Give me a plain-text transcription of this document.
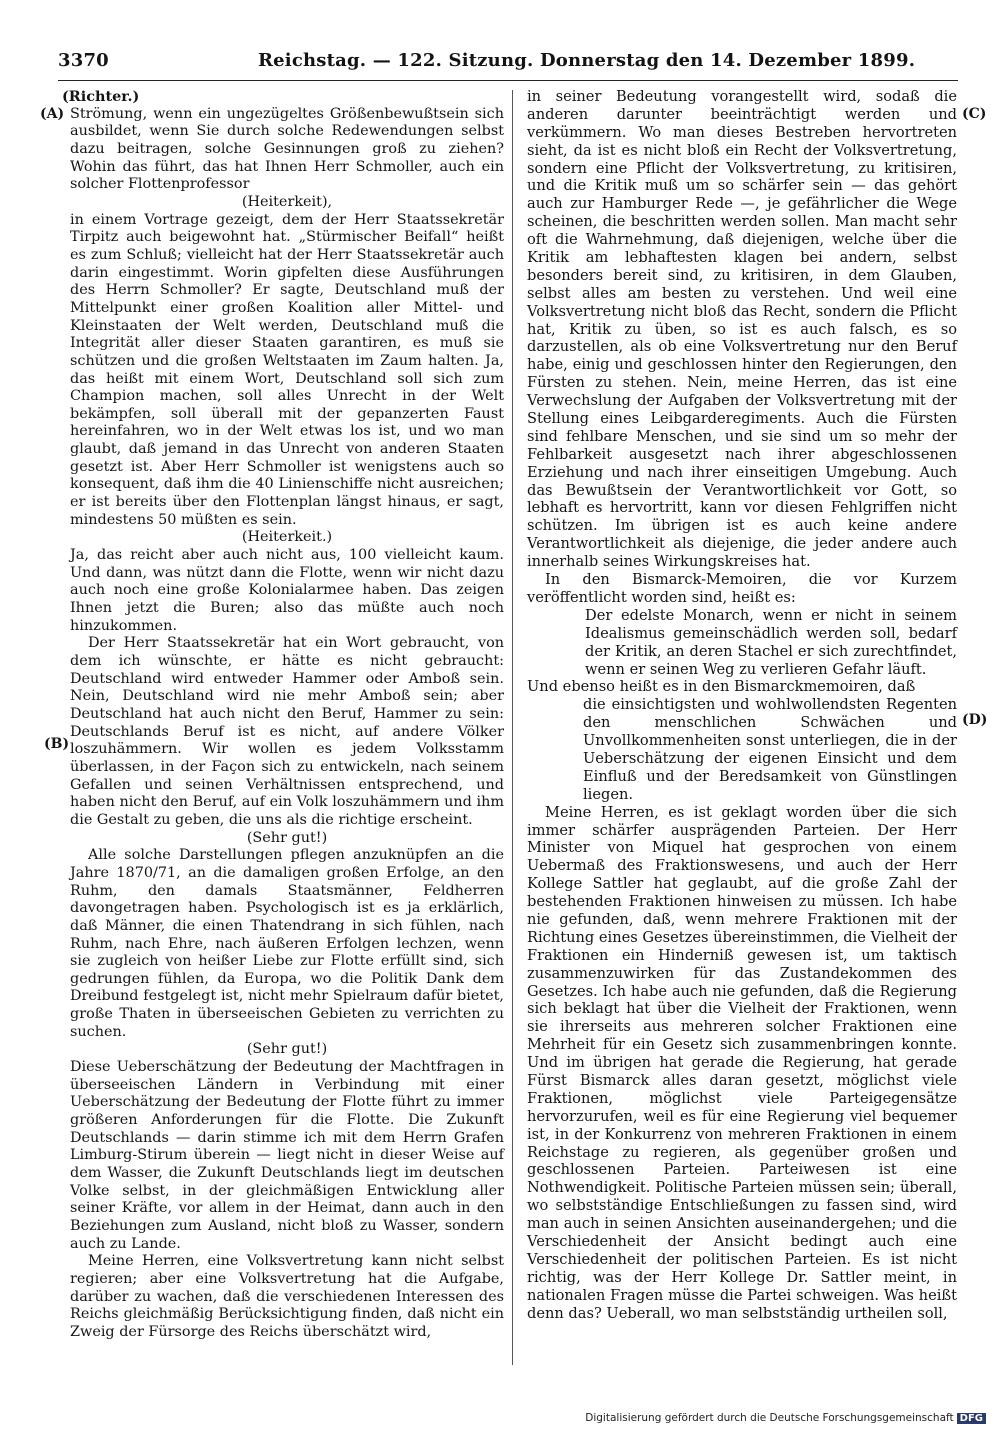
3370	Reichstag. — 122. Sitzung. Donnerstag den 14. Dezember 1899.
(A)
(B)
(C)
(D)

(Richter.)

Strömung, wenn ein ungezügeltes Größenbewußtsein sich ausbildet, wenn Sie durch solche Redewendungen selbst dazu beitragen, solche Gesinnungen groß zu ziehen? Wohin das führt, das hat Ihnen Herr Schmoller, auch ein solcher Flottenprofessor

(Heiterkeit),

in einem Vortrage gezeigt, dem der Herr Staatssekretär Tirpitz auch beigewohnt hat. „Stürmischer Beifall“ heißt es zum Schluß; vielleicht hat der Herr Staatssekretär auch darin eingestimmt. Worin gipfelten diese Ausführungen des Herrn Schmoller? Er sagte, Deutschland muß der Mittelpunkt einer großen Koalition aller Mittel- und Kleinstaaten der Welt werden, Deutschland muß die Integrität aller dieser Staaten garantiren, es muß sie schützen und die großen Weltstaaten im Zaum halten. Ja, das heißt mit einem Wort, Deutschland soll sich zum Champion machen, soll alles Unrecht in der Welt bekämpfen, soll überall mit der gepanzerten Faust hereinfahren, wo in der Welt etwas los ist, und wo man glaubt, daß jemand in das Unrecht von anderen Staaten gesetzt ist. Aber Herr Schmoller ist wenigstens auch so konsequent, daß ihm die 40 Linienschiffe nicht ausreichen; er ist bereits über den Flottenplan längst hinaus, er sagt, mindestens 50 müßten es sein.

(Heiterkeit.)

Ja, das reicht aber auch nicht aus, 100 vielleicht kaum. Und dann, was nützt dann die Flotte, wenn wir nicht dazu auch noch eine große Kolonialarmee haben. Das zeigen Ihnen jetzt die Buren; also das müßte auch noch hinzukommen.

Der Herr Staatssekretär hat ein Wort gebraucht, von dem ich wünschte, er hätte es nicht gebraucht: Deutschland wird entweder Hammer oder Amboß sein. Nein, Deutschland wird nie mehr Amboß sein; aber Deutschland hat auch nicht den Beruf, Hammer zu sein: Deutschlands Beruf ist es nicht, auf andere Völker loszuhämmern. Wir wollen es jedem Volksstamm überlassen, in der Façon sich zu entwickeln, nach seinem Gefallen und seinen Verhältnissen entsprechend, und haben nicht den Beruf, auf ein Volk loszuhämmern und ihm die Gestalt zu geben, die uns als die richtige erscheint.

(Sehr gut!)

Alle solche Darstellungen pflegen anzuknüpfen an die Jahre 1870/71, an die damaligen großen Erfolge, an den Ruhm, den damals Staatsmänner, Feldherren davongetragen haben. Psychologisch ist es ja erklärlich, daß Männer, die einen Thatendrang in sich fühlen, nach Ruhm, nach Ehre, nach äußeren Erfolgen lechzen, wenn sie zugleich von heißer Liebe zur Flotte erfüllt sind, sich gedrungen fühlen, da Europa, wo die Politik Dank dem Dreibund festgelegt ist, nicht mehr Spielraum dafür bietet, große Thaten in überseeischen Gebieten zu verrichten zu suchen.

(Sehr gut!)

Diese Ueberschätzung der Bedeutung der Machtfragen in überseeischen Ländern in Verbindung mit einer Ueberschätzung der Bedeutung der Flotte führt zu immer größeren Anforderungen für die Flotte. Die Zukunft Deutschlands — darin stimme ich mit dem Herrn Grafen Limburg-Stirum überein — liegt nicht in dieser Weise auf dem Wasser, die Zukunft Deutschlands liegt im deutschen Volke selbst, in der gleichmäßigen Entwicklung aller seiner Kräfte, vor allem in der Heimat, dann auch in den Beziehungen zum Ausland, nicht bloß zu Wasser, sondern auch zu Lande.

Meine Herren, eine Volksvertretung kann nicht selbst regieren; aber eine Volksvertretung hat die Aufgabe, darüber zu wachen, daß die verschiedenen Interessen des Reichs gleichmäßig Berücksichtigung finden, daß nicht ein Zweig der Fürsorge des Reichs überschätzt wird,

in seiner Bedeutung vorangestellt wird, sodaß die anderen darunter beeinträchtigt werden und verkümmern. Wo man dieses Bestreben hervortreten sieht, da ist es nicht bloß ein Recht der Volksvertretung, sondern eine Pflicht der Volksvertretung, zu kritisiren, und die Kritik muß um so schärfer sein — das gehört auch zur Hamburger Rede —, je gefährlicher die Wege scheinen, die beschritten werden sollen. Man macht sehr oft die Wahrnehmung, daß diejenigen, welche über die Kritik am lebhaftesten klagen bei andern, selbst besonders bereit sind, zu kritisiren, in dem Glauben, selbst alles am besten zu verstehen. Und weil eine Volksvertretung nicht bloß das Recht, sondern die Pflicht hat, Kritik zu üben, so ist es auch falsch, es so darzustellen, als ob eine Volksvertretung nur den Beruf habe, einig und geschlossen hinter den Regierungen, den Fürsten zu stehen. Nein, meine Herren, das ist eine Verwechslung der Aufgaben der Volksvertretung mit der Stellung eines Leibgarderegiments. Auch die Fürsten sind fehlbare Menschen, und sie sind um so mehr der Fehlbarkeit ausgesetzt nach ihrer abgeschlossenen Erziehung und nach ihrer einseitigen Umgebung. Auch das Bewußtsein der Verantwortlichkeit vor Gott, so lebhaft es hervortritt, kann vor diesen Fehlgriffen nicht schützen. Im übrigen ist es auch keine andere Verantwortlichkeit als diejenige, die jeder andere auch innerhalb seines Wirkungskreises hat.

In den Bismarck-Memoiren, die vor Kurzem veröffentlicht worden sind, heißt es:

Der edelste Monarch, wenn er nicht in seinem Idealismus gemeinschädlich werden soll, bedarf der Kritik, an deren Stachel er sich zurechtfindet, wenn er seinen Weg zu verlieren Gefahr läuft.

Und ebenso heißt es in den Bismarckmemoiren, daß

die einsichtigsten und wohlwollendsten Regenten den menschlichen Schwächen und Unvollkommenheiten sonst unterliegen, die in der Ueberschätzung der eigenen Einsicht und dem Einfluß und der Beredsamkeit von Günstlingen liegen.

Meine Herren, es ist geklagt worden über die sich immer schärfer ausprägenden Parteien. Der Herr Minister von Miquel hat gesprochen von einem Uebermaß des Fraktionswesens, und auch der Herr Kollege Sattler hat geglaubt, auf die große Zahl der bestehenden Fraktionen hinweisen zu müssen. Ich habe nie gefunden, daß, wenn mehrere Fraktionen mit der Richtung eines Gesetzes übereinstimmen, die Vielheit der Fraktionen ein Hinderniß gewesen ist, um taktisch zusammenzuwirken für das Zustandekommen des Gesetzes. Ich habe auch nie gefunden, daß die Regierung sich beklagt hat über die Vielheit der Fraktionen, wenn sie ihrerseits aus mehreren solcher Fraktionen eine Mehrheit für ein Gesetz sich zusammenbringen konnte. Und im übrigen hat gerade die Regierung, hat gerade Fürst Bismarck alles daran gesetzt, möglichst viele Fraktionen, möglichst viele Parteigegensätze hervorzurufen, weil es für eine Regierung viel bequemer ist, in der Konkurrenz von mehreren Fraktionen in einem Reichstage zu regieren, als gegenüber großen und geschlossenen Parteien. Parteiwesen ist eine Nothwendigkeit. Politische Parteien müssen sein; überall, wo selbstständige Entschließungen zu fassen sind, wird man auch in seinen Ansichten auseinandergehen; und die Verschiedenheit der Ansicht bedingt auch eine Verschiedenheit der politischen Parteien. Es ist nicht richtig, was der Herr Kollege Dr. Sattler meint, in nationalen Fragen müsse die Partei schweigen. Was heißt denn das? Ueberall, wo man selbstständig urtheilen soll,

Digitalisierung gefördert durch die Deutsche Forschungsgemeinschaft DFG
